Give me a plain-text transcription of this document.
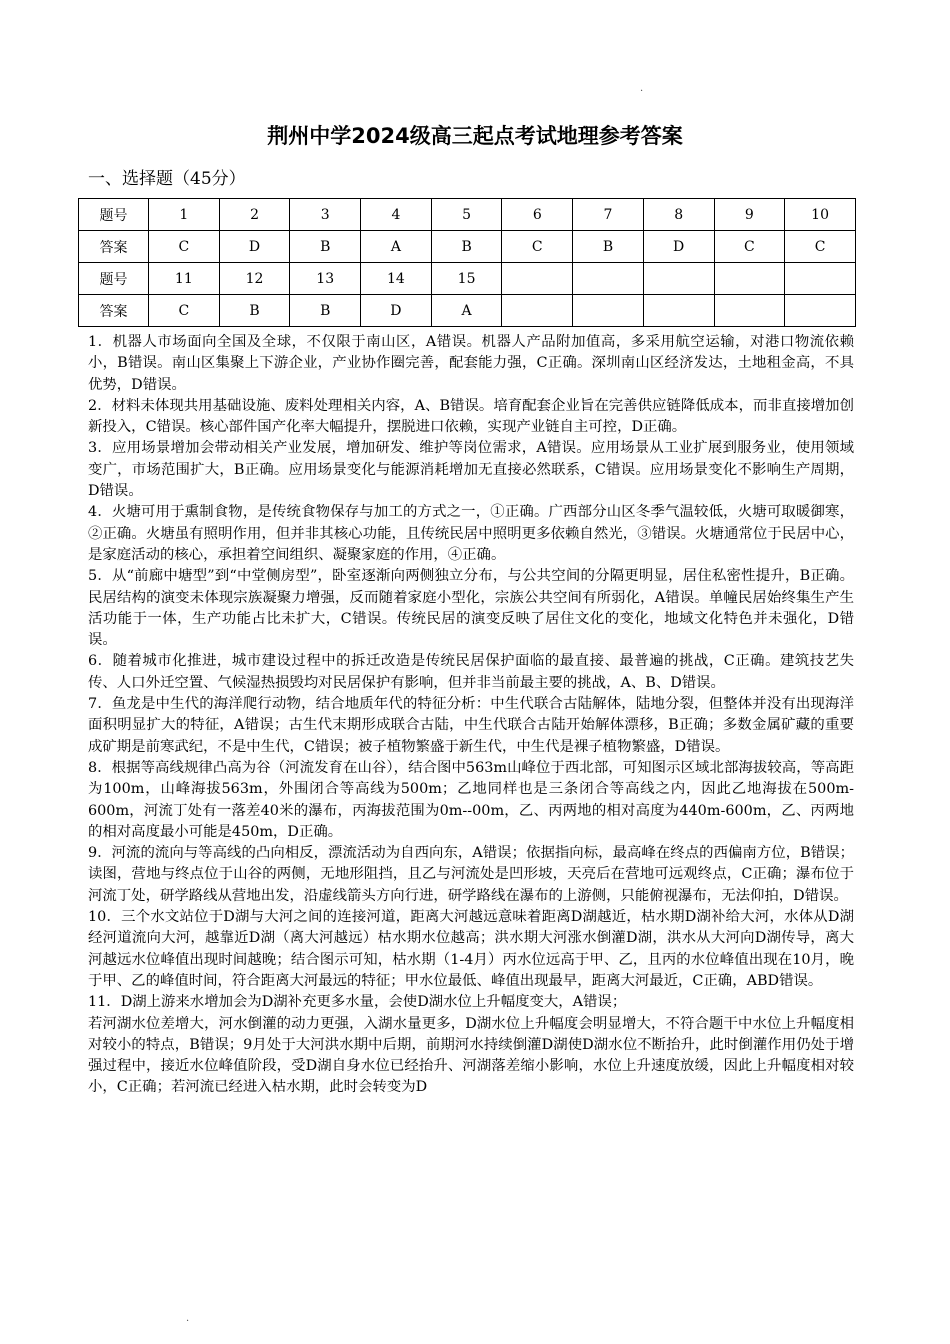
·
荆州中学2024级高三起点考试地理参考答案
一、选择题（45分）
题号	1	2	3	4	5	6	7	8	9	10
答案	C	D	B	A	B	C	B	D	C	C
题号	11	12	13	14	15					
答案	C	B	B	D	A					

1．机器人市场面向全国及全球，不仅限于南山区，A错误。机器人产品附加值高，多采用航空运输，对港口物流依赖小，B错误。南山区集聚上下游企业，产业协作圈完善，配套能力强，C正确。深圳南山区经济发达，土地租金高，不具优势，D错误。

2．材料未体现共用基础设施、废料处理相关内容，A、B错误。培育配套企业旨在完善供应链降低成本，而非直接增加创新投入，C错误。核心部件国产化率大幅提升，摆脱进口依赖，实现产业链自主可控，D正确。

3．应用场景增加会带动相关产业发展，增加研发、维护等岗位需求，A错误。应用场景从工业扩展到服务业，使用领域变广，市场范围扩大，B正确。应用场景变化与能源消耗增加无直接必然联系，C错误。应用场景变化不影响生产周期，D错误。

4．火塘可用于熏制食物，是传统食物保存与加工的方式之一，①正确。广西部分山区冬季气温较低，火塘可取暖御寒，②正确。火塘虽有照明作用，但并非其核心功能，且传统民居中照明更多依赖自然光，③错误。火塘通常位于民居中心，是家庭活动的核心，承担着空间组织、凝聚家庭的作用，④正确。

5．从“前廊中塘型”到“中堂侧房型”，卧室逐渐向两侧独立分布，与公共空间的分隔更明显，居住私密性提升，B正确。民居结构的演变未体现宗族凝聚力增强，反而随着家庭小型化，宗族公共空间有所弱化，A错误。单幢民居始终集生产生活功能于一体，生产功能占比未扩大，C错误。传统民居的演变反映了居住文化的变化，地域文化特色并未强化，D错误。

6．随着城市化推进，城市建设过程中的拆迁改造是传统民居保护面临的最直接、最普遍的挑战，C正确。建筑技艺失传、人口外迁空置、气候湿热损毁均对民居保护有影响，但并非当前最主要的挑战，A、B、D错误。

7．鱼龙是中生代的海洋爬行动物，结合地质年代的特征分析：中生代联合古陆解体，陆地分裂，但整体并没有出现海洋面积明显扩大的特征，A错误；古生代末期形成联合古陆，中生代联合古陆开始解体漂移，B正确；多数金属矿藏的重要成矿期是前寒武纪，不是中生代，C错误；被子植物繁盛于新生代，中生代是裸子植物繁盛，D错误。

8．根据等高线规律凸高为谷（河流发育在山谷），结合图中563m山峰位于西北部，可知图示区域北部海拔较高，等高距为100m，山峰海拔563m，外围闭合等高线为500m；乙地同样也是三条闭合等高线之内，因此乙地海拔在500m-600m，河流丁处有一落差40米的瀑布，丙海拔范围为0m--00m，乙、丙两地的相对高度为440m-600m，乙、丙两地的相对高度最小可能是450m，D正确。

9．河流的流向与等高线的凸向相反，漂流活动为自西向东，A错误；依据指向标，最高峰在终点的西偏南方位，B错误；读图，营地与终点位于山谷的两侧，无地形阻挡，且乙与河流处是凹形坡，天亮后在营地可远观终点，C正确；瀑布位于河流丁处，研学路线从营地出发，沿虚线箭头方向行进，研学路线在瀑布的上游侧，只能俯视瀑布，无法仰拍，D错误。

10．三个水文站位于D湖与大河之间的连接河道，距离大河越远意味着距离D湖越近，枯水期D湖补给大河，水体从D湖经河道流向大河，越靠近D湖（离大河越远）枯水期水位越高；洪水期大河涨水倒灌D湖，洪水从大河向D湖传导，离大河越远水位峰值出现时间越晚；结合图示可知，枯水期（1-4月）丙水位远高于甲、乙，且丙的水位峰值出现在10月，晚于甲、乙的峰值时间，符合距离大河最远的特征；甲水位最低、峰值出现最早，距离大河最近，C正确，ABD错误。

11．D湖上游来水增加会为D湖补充更多水量，会使D湖水位上升幅度变大，A错误；

若河湖水位差增大，河水倒灌的动力更强，入湖水量更多，D湖水位上升幅度会明显增大，不符合题干中水位上升幅度相对较小的特点，B错误；9月处于大河洪水期中后期，前期河水持续倒灌D湖使D湖水位不断抬升，此时倒灌作用仍处于增强过程中，接近水位峰值阶段，受D湖自身水位已经抬升、河湖落差缩小影响，水位上升速度放缓，因此上升幅度相对较小，C正确；若河流已经进入枯水期，此时会转变为D

·
